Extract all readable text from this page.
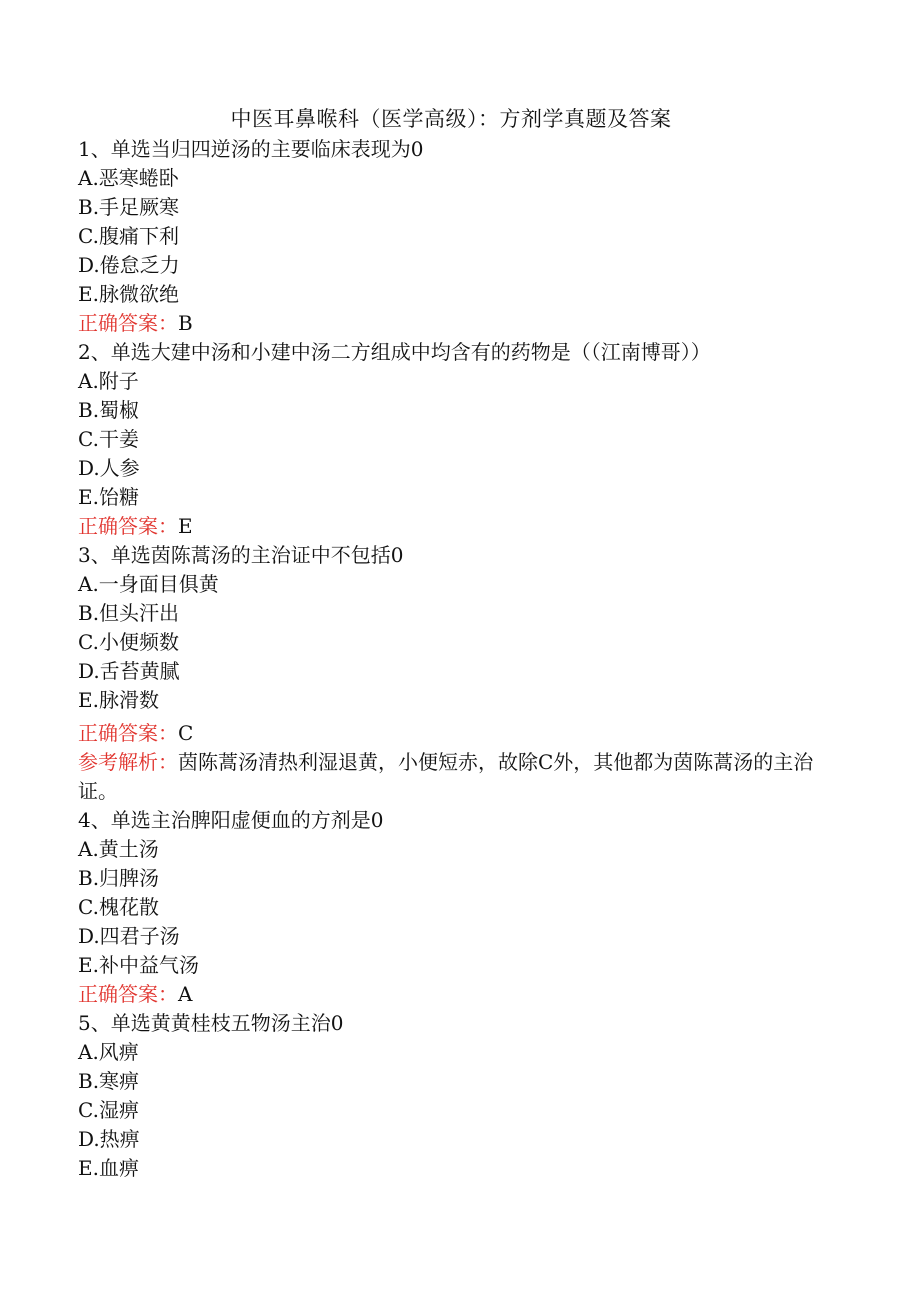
中医耳鼻喉科（医学高级）：方剂学真题及答案
1、单选当归四逆汤的主要临床表现为0
A.恶寒蜷卧
B.手足厥寒
C.腹痛下利
D.倦怠乏力
E.脉微欲绝
正确答案：B
2、单选大建中汤和小建中汤二方组成中均含有的药物是（（江南博哥））
A.附子
B.蜀椒
C.干姜
D.人参
E.饴糖
正确答案：E
3、单选茵陈蒿汤的主治证中不包括0
A.一身面目俱黄
B.但头汗出
C.小便频数
D.舌苔黄腻
E.脉滑数
正确答案：C
参考解析：茵陈蒿汤清热利湿退黄，小便短赤，故除C外，其他都为茵陈蒿汤的主治证。
4、单选主治脾阳虚便血的方剂是0
A.黄土汤
B.归脾汤
C.槐花散
D.四君子汤
E.补中益气汤
正确答案：A
5、单选黄黄桂枝五物汤主治0
A.风痹
B.寒痹
C.湿痹
D.热痹
E.血痹
